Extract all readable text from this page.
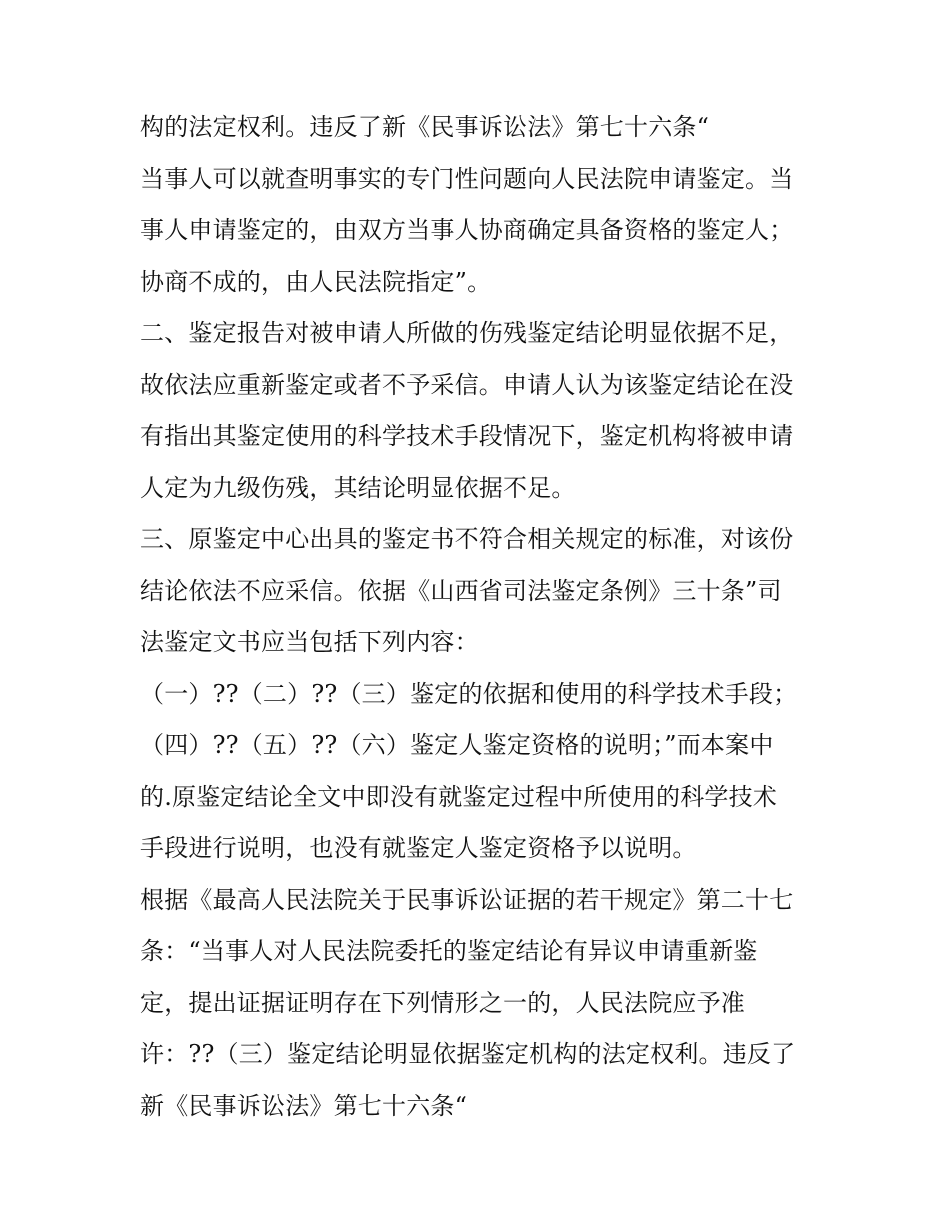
构的法定权利。违反了新《民事诉讼法》第七十六条“
当事人可以就查明事实的专门性问题向人民法院申请鉴定。当
事人申请鉴定的，由双方当事人协商确定具备资格的鉴定人；
协商不成的，由人民法院指定”。
二、鉴定报告对被申请人所做的伤残鉴定结论明显依据不足，
故依法应重新鉴定或者不予采信。申请人认为该鉴定结论在没
有指出其鉴定使用的科学技术手段情况下，鉴定机构将被申请
人定为九级伤残，其结论明显依据不足。
三、原鉴定中心出具的鉴定书不符合相关规定的标准，对该份
结论依法不应采信。依据《山西省司法鉴定条例》三十条”司
法鉴定文书应当包括下列内容：
（一）??（二）??（三）鉴定的依据和使用的科学技术手段；
（四）??（五）??（六）鉴定人鉴定资格的说明；”而本案中
的.原鉴定结论全文中即没有就鉴定过程中所使用的科学技术
手段进行说明，也没有就鉴定人鉴定资格予以说明。
根据《最高人民法院关于民事诉讼证据的若干规定》第二十七
条：“当事人对人民法院委托的鉴定结论有异议申请重新鉴
定，提出证据证明存在下列情形之一的，人民法院应予准
许：??（三）鉴定结论明显依据鉴定机构的法定权利。违反了
新《民事诉讼法》第七十六条“
